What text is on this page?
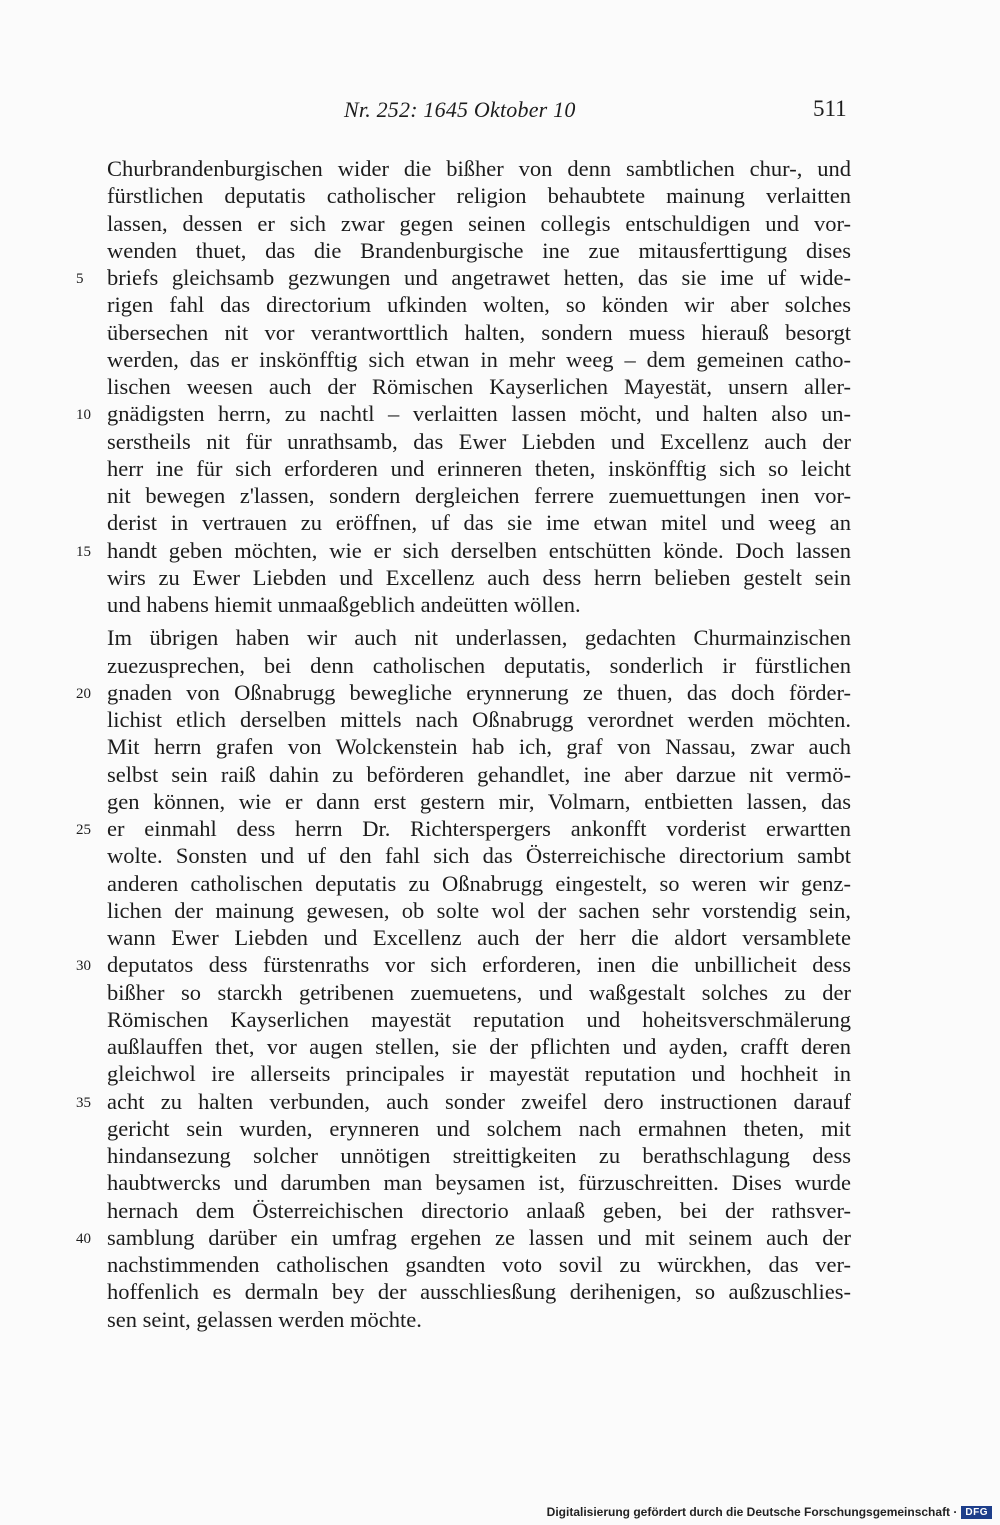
Nr. 252: 1645 Oktober 10	511
Churbrandenburgischen wider die bißher von denn sambtlichen chur-, und
fürstlichen deputatis catholischer religion behaubtete mainung verlaitten
lassen, dessen er sich zwar gegen seinen collegis entschuldigen und vor-
wenden thuet, das die Brandenburgische ine zue mitausferttigung dises
briefs gleichsamb gezwungen und angetrawet hetten, das sie ime uf wide-
5
rigen fahl das directorium ufkinden wolten, so könden wir aber solches
übersechen nit vor verantworttlich halten, sondern muess hierauß besorgt
werden, das er inskönfftig sich etwan in mehr weeg – dem gemeinen catho-
lischen weesen auch der Römischen Kayserlichen Mayestät, unsern aller-
gnädigsten herrn, zu nachtl – verlaitten lassen möcht, und halten also un-
10
serstheils nit für unrathsamb, das Ewer Liebden und Excellenz auch der
herr ine für sich erforderen und erinneren theten, inskönfftig sich so leicht
nit bewegen z'lassen, sondern dergleichen ferrere zuemuettungen inen vor-
derist in vertrauen zu eröffnen, uf das sie ime etwan mitel und weeg an
handt geben möchten, wie er sich derselben entschütten könde. Doch lassen
15
wirs zu Ewer Liebden und Excellenz auch dess herrn belieben gestelt sein
und habens hiemit unmaaßgeblich andeütten wöllen.
Im übrigen haben wir auch nit underlassen, gedachten Churmainzischen
zuezusprechen, bei denn catholischen deputatis, sonderlich ir fürstlichen
gnaden von Oßnabrugg bewegliche erynnerung ze thuen, das doch förder-
20
lichist etlich derselben mittels nach Oßnabrugg verordnet werden möchten.
Mit herrn grafen von Wolckenstein hab ich, graf von Nassau, zwar auch
selbst sein raiß dahin zu beförderen gehandlet, ine aber darzue nit vermö-
gen können, wie er dann erst gestern mir, Volmarn, entbietten lassen, das
er einmahl dess herrn Dr. Richterspergers ankonfft vorderist erwartten
25
wolte. Sonsten und uf den fahl sich das Österreichische directorium sambt
anderen catholischen deputatis zu Oßnabrugg eingestelt, so weren wir genz-
lichen der mainung gewesen, ob solte wol der sachen sehr vorstendig sein,
wann Ewer Liebden und Excellenz auch der herr die aldort versamblete
deputatos dess fürstenraths vor sich erforderen, inen die unbillicheit dess
30
bißher so starckh getribenen zuemuetens, und waßgestalt solches zu der
Römischen Kayserlichen mayestät reputation und hoheitsverschmälerung
außlauffen thet, vor augen stellen, sie der pflichten und ayden, crafft deren
gleichwol ire allerseits principales ir mayestät reputation und hochheit in
acht zu halten verbunden, auch sonder zweifel dero instructionen darauf
35
gericht sein wurden, erynneren und solchem nach ermahnen theten, mit
hindansezung solcher unnötigen streittigkeiten zu berathschlagung dess
haubtwercks und darumben man beysamen ist, fürzuschreitten. Dises wurde
hernach dem Österreichischen directorio anlaaß geben, bei der rathsver-
samblung darüber ein umfrag ergehen ze lassen und mit seinem auch der
40
nachstimmenden catholischen gsandten voto sovil zu würckhen, das ver-
hoffenlich es dermaln bey der ausschliesßung derihenigen, so außzuschlies-
sen seint, gelassen werden möchte.
Digitalisierung gefördert durch die Deutsche Forschungsgemeinschaft · DFG
